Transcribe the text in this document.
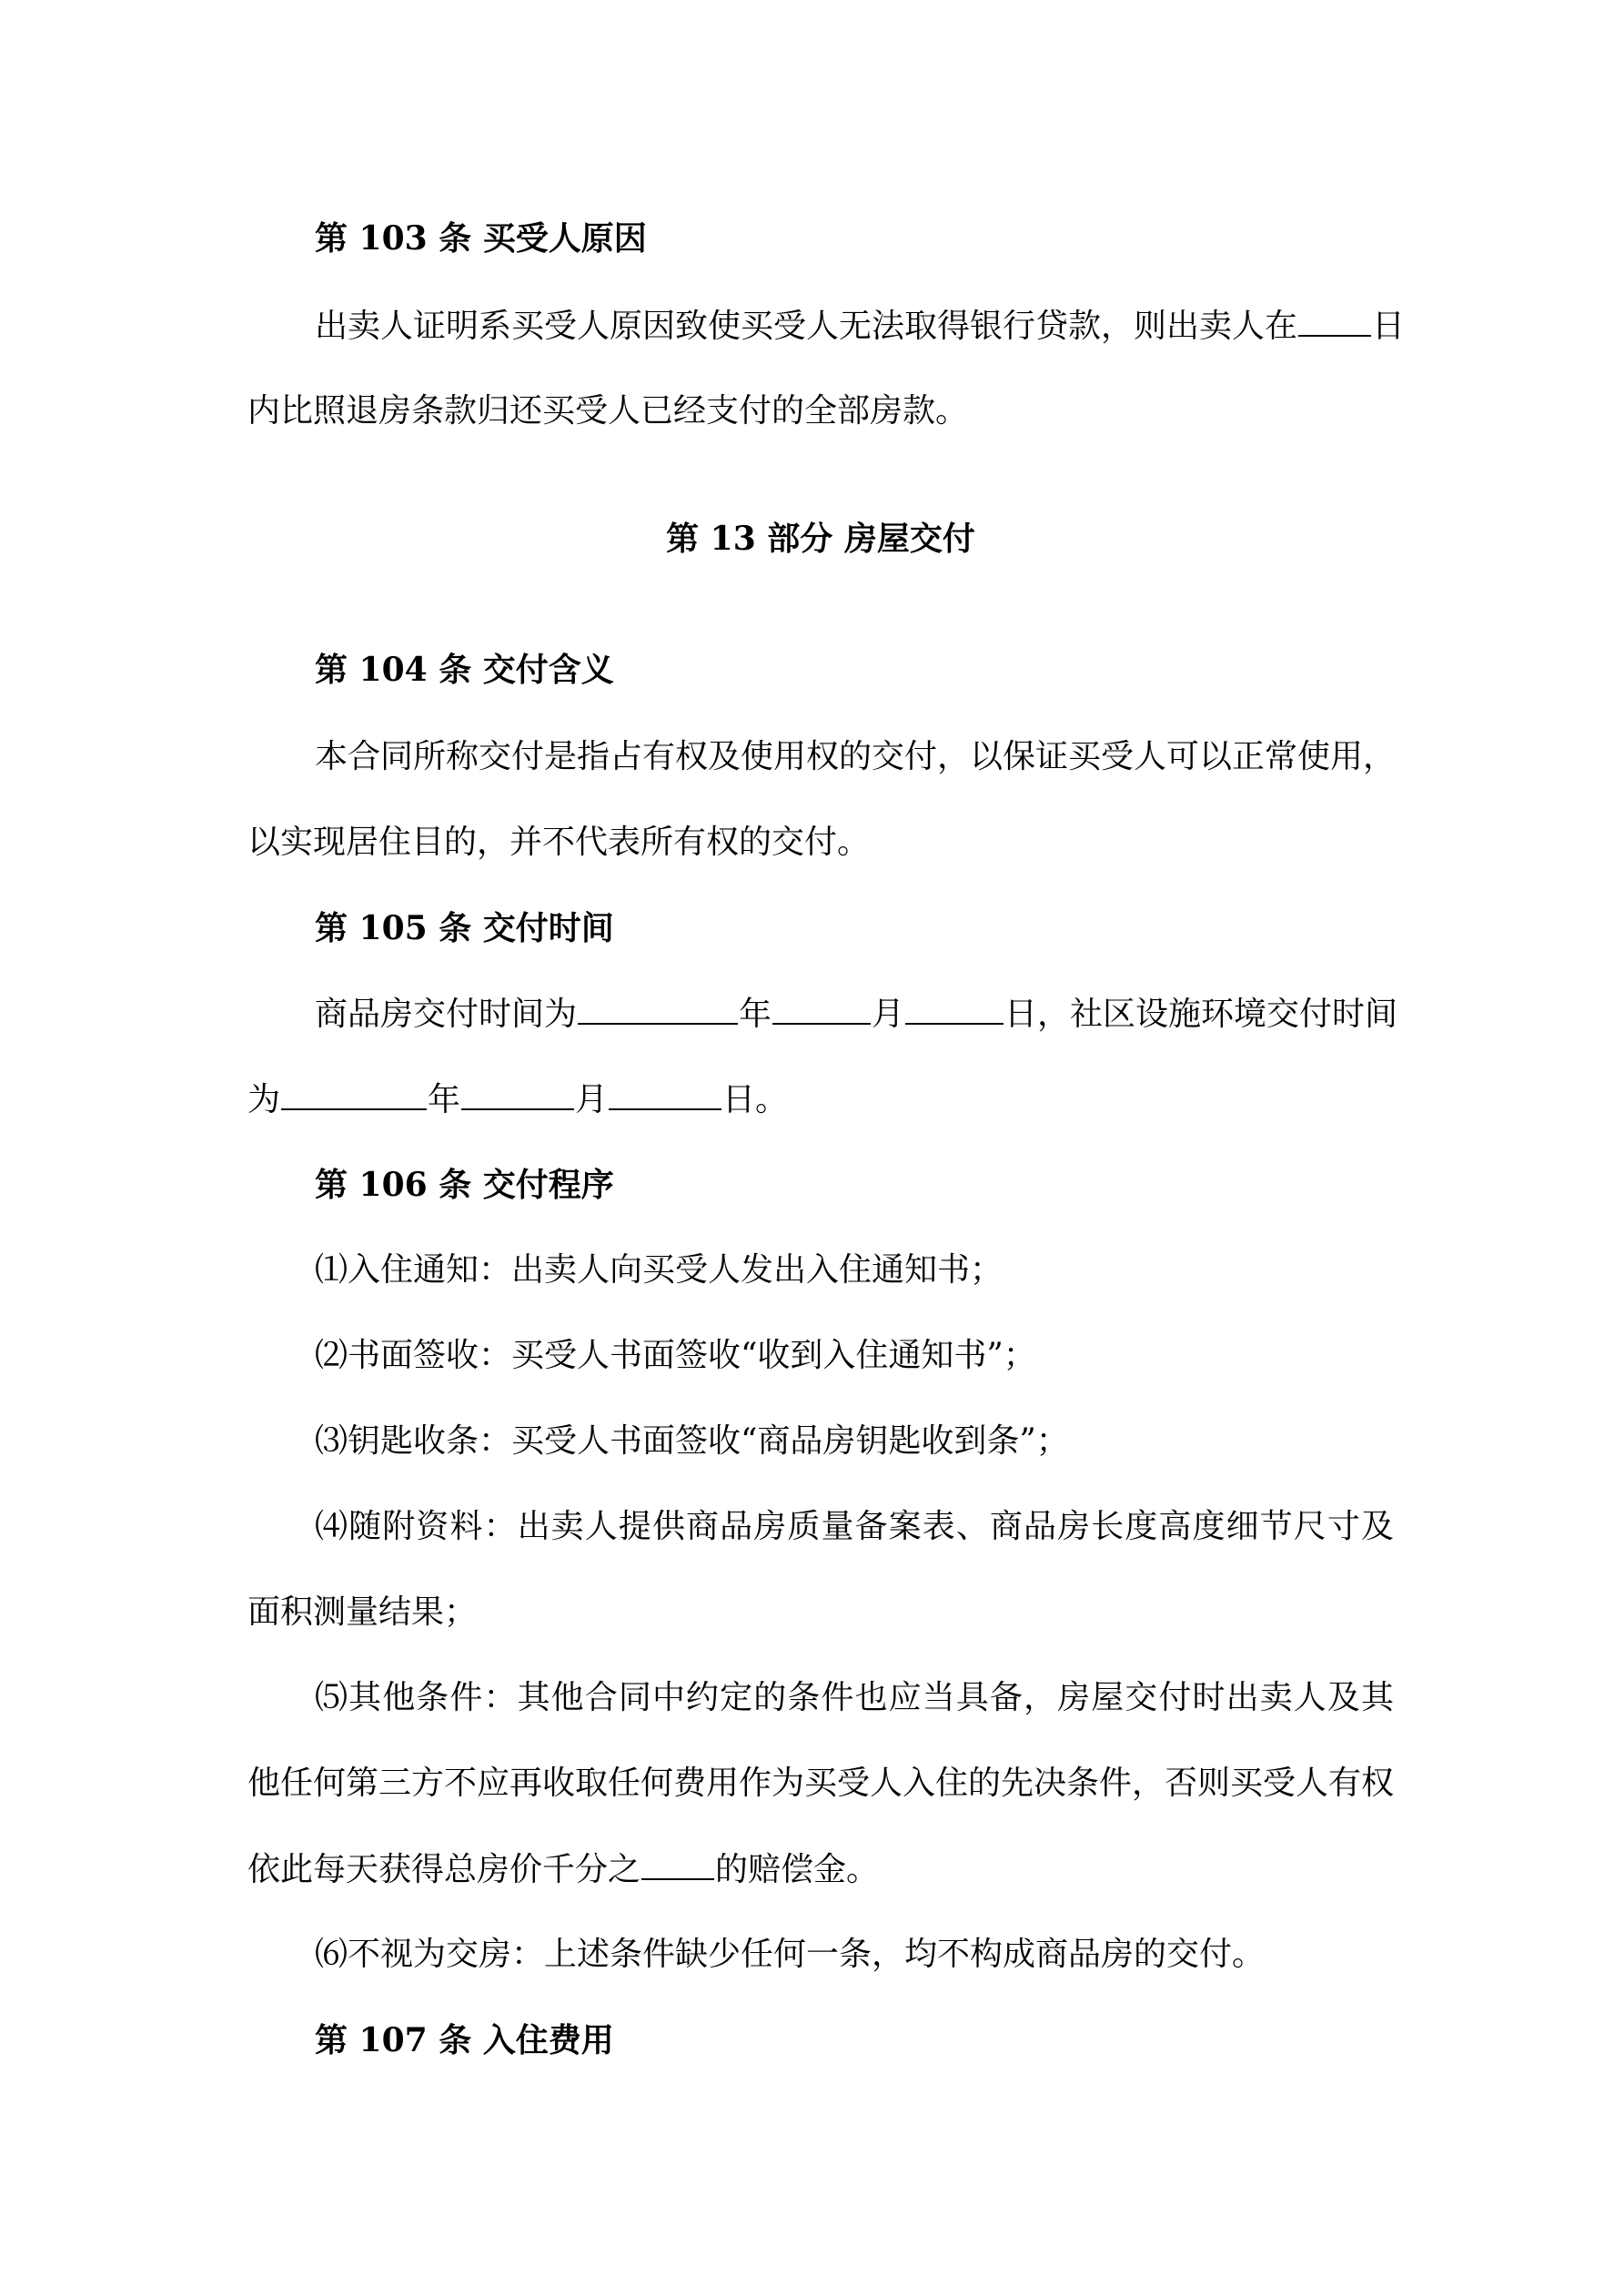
第 103 条 买受人原因
出卖人证明系买受人原因致使买受人无法取得银行贷款，则出卖人在 日
内比照退房条款归还买受人已经支付的全部房款。
第 13 部分 房屋交付
第 104 条 交付含义
本合同所称交付是指占有权及使用权的交付，以保证买受人可以正常使用，
以实现居住目的，并不代表所有权的交付。
第 105 条 交付时间
商品房交付时间为	年	月	日，社区设施环境交付时间
为	年	月	日。
第 106 条 交付程序
⑴入住通知：出卖人向买受人发出入住通知书；
⑵书面签收：买受人书面签收“收到入住通知书”；
⑶钥匙收条：买受人书面签收“商品房钥匙收到条”；
⑷随附资料：出卖人提供商品房质量备案表、商品房长度高度细节尺寸及
面积测量结果；
⑸其他条件：其他合同中约定的条件也应当具备，房屋交付时出卖人及其
他任何第三方不应再收取任何费用作为买受人入住的先决条件，否则买受人有权
依此每天获得总房价千分之 的赔偿金。
⑹不视为交房：上述条件缺少任何一条，均不构成商品房的交付。
第 107 条 入住费用
